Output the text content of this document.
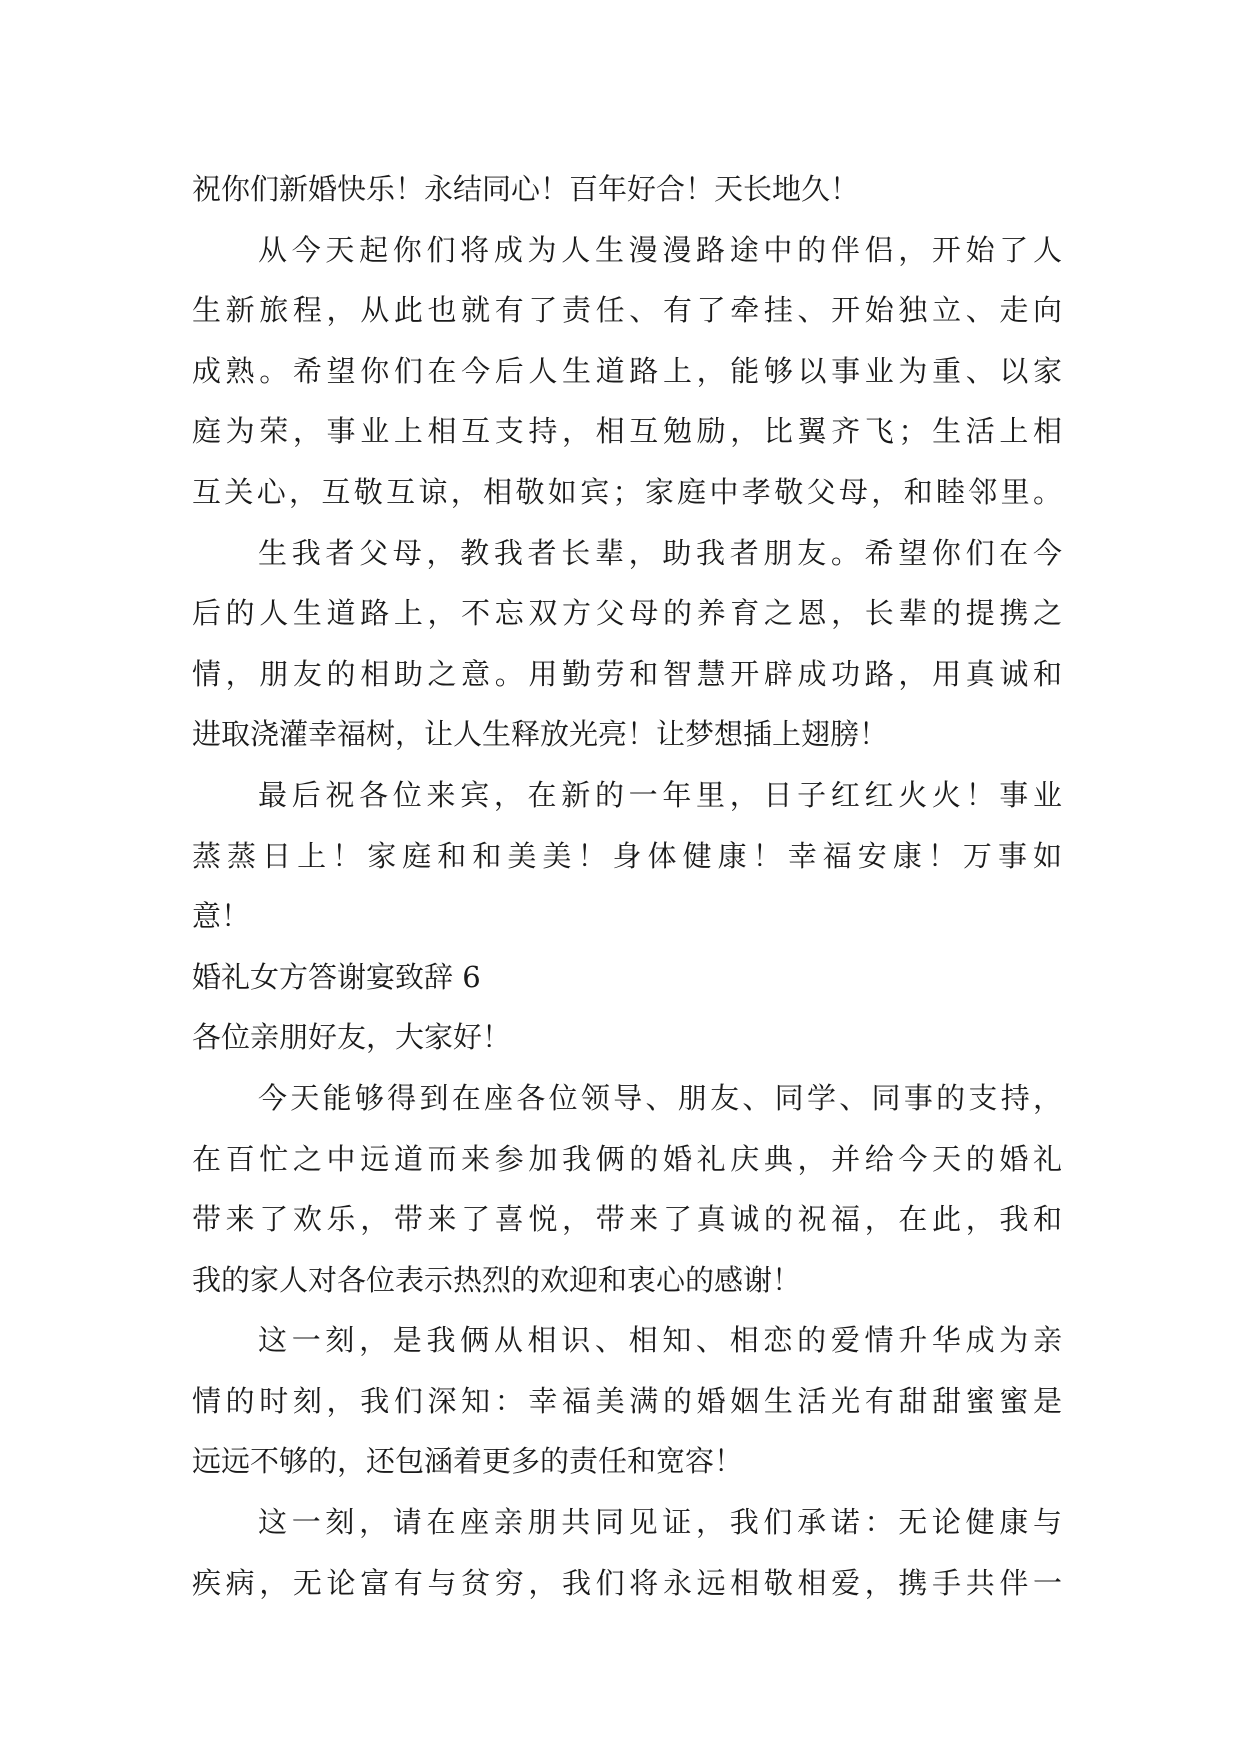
祝你们新婚快乐！永结同心！百年好合！天长地久！
从今天起你们将成为人生漫漫路途中的伴侣，开始了人
生新旅程，从此也就有了责任、有了牵挂、开始独立、走向
成熟。希望你们在今后人生道路上，能够以事业为重、以家
庭为荣，事业上相互支持，相互勉励，比翼齐飞；生活上相
互关心，互敬互谅，相敬如宾；家庭中孝敬父母，和睦邻里。
生我者父母，教我者长辈，助我者朋友。希望你们在今
后的人生道路上，不忘双方父母的养育之恩，长辈的提携之
情，朋友的相助之意。用勤劳和智慧开辟成功路，用真诚和
进取浇灌幸福树，让人生释放光亮！让梦想插上翅膀！
最后祝各位来宾，在新的一年里，日子红红火火！事业
蒸蒸日上！家庭和和美美！身体健康！幸福安康！万事如
意！
婚礼女方答谢宴致辞 6
各位亲朋好友，大家好！
今天能够得到在座各位领导、朋友、同学、同事的支持，
在百忙之中远道而来参加我俩的婚礼庆典，并给今天的婚礼
带来了欢乐，带来了喜悦，带来了真诚的祝福，在此，我和
我的家人对各位表示热烈的欢迎和衷心的感谢！
这一刻，是我俩从相识、相知、相恋的爱情升华成为亲
情的时刻，我们深知：幸福美满的婚姻生活光有甜甜蜜蜜是
远远不够的，还包涵着更多的责任和宽容！
这一刻，请在座亲朋共同见证，我们承诺：无论健康与
疾病，无论富有与贫穷，我们将永远相敬相爱，携手共伴一
